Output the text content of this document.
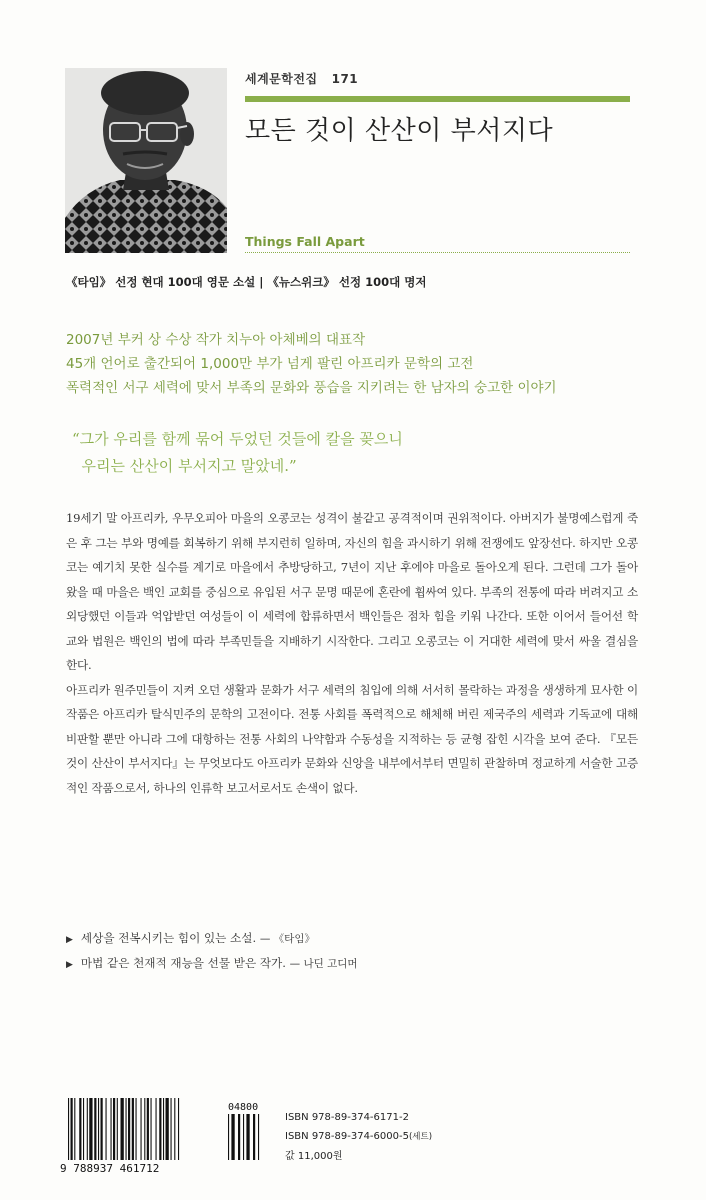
세계문학전집 171
모든 것이 산산이 부서지다
Things Fall Apart
《타임》 선정 현대 100대 영문 소설 | 《뉴스위크》 선정 100대 명저
2007년 부커 상 수상 작가 치누아 아체베의 대표작
45개 언어로 출간되어 1,000만 부가 넘게 팔린 아프리카 문학의 고전
폭력적인 서구 세력에 맞서 부족의 문화와 풍습을 지키려는 한 남자의 숭고한 이야기
“그가 우리를 함께 묶어 두었던 것들에 칼을 꽂으니
우리는 산산이 부서지고 말았네.”

19세기 말 아프리카, 우무오피아 마을의 오콩코는 성격이 불같고 공격적이며 권위적이다. 아버지가 불명예스럽게 죽은 후 그는 부와 명예를 회복하기 위해 부지런히 일하며, 자신의 힘을 과시하기 위해 전쟁에도 앞장선다. 하지만 오콩코는 예기치 못한 실수를 계기로 마을에서 추방당하고, 7년이 지난 후에야 마을로 돌아오게 된다. 그런데 그가 돌아왔을 때 마을은 백인 교회를 중심으로 유입된 서구 문명 때문에 혼란에 휩싸여 있다. 부족의 전통에 따라 버려지고 소외당했던 이들과 억압받던 여성들이 이 세력에 합류하면서 백인들은 점차 힘을 키워 나간다. 또한 이어서 들어선 학교와 법원은 백인의 법에 따라 부족민들을 지배하기 시작한다. 그리고 오콩코는 이 거대한 세력에 맞서 싸울 결심을 한다.

아프리카 원주민들이 지켜 오던 생활과 문화가 서구 세력의 침입에 의해 서서히 몰락하는 과정을 생생하게 묘사한 이 작품은 아프리카 탈식민주의 문학의 고전이다. 전통 사회를 폭력적으로 해체해 버린 제국주의 세력과 기독교에 대해 비판할 뿐만 아니라 그에 대항하는 전통 사회의 나약함과 수동성을 지적하는 등 균형 잡힌 시각을 보여 준다. 『모든 것이 산산이 부서지다』는 무엇보다도 아프리카 문화와 신앙을 내부에서부터 면밀히 관찰하며 정교하게 서술한 고증적인 작품으로서, 하나의 인류학 보고서로서도 손색이 없다.

▶ 세상을 전복시키는 힘이 있는 소설. — 《타임》
▶ 마법 같은 천재적 재능을 선물 받은 작가. — 나딘 고디머
9 788937 461712
04800
ISBN 978-89-374-6171-2
ISBN 978-89-374-6000-5(세트)
값 11,000원
